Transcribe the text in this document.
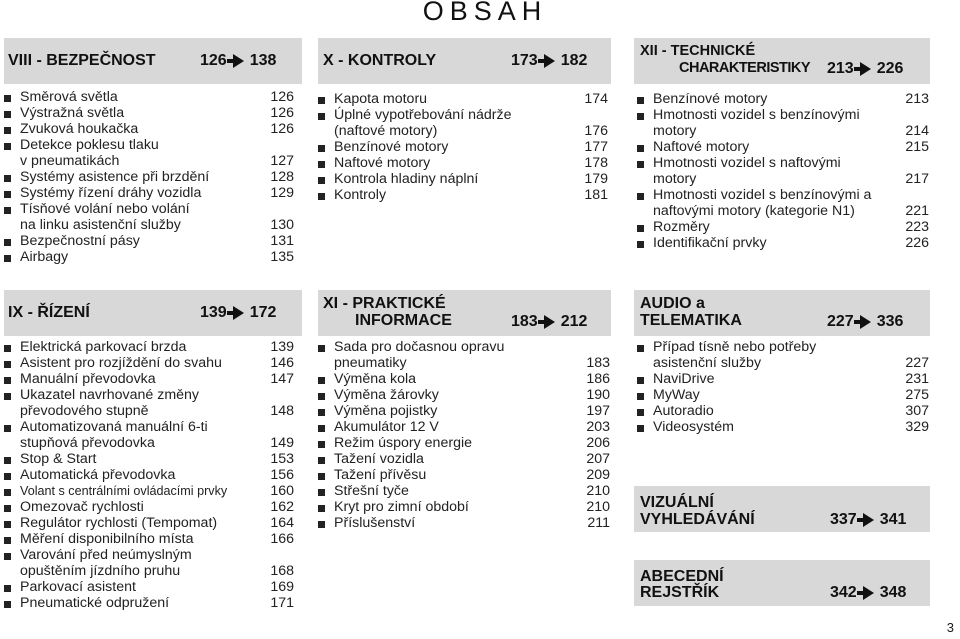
OBSAH
VIII - BEZPEČNOST	126 138
Směrová světla	126
Výstražná světla	126
Zvuková houkačka	126
Detekce poklesu tlaku
v pneumatikách	127
Systémy asistence při brzdění	128
Systémy řízení dráhy vozidla	129
Tísňové volání nebo volání
na linku asistenční služby	130
Bezpečnostní pásy	131
Airbagy	135
X - KONTROLY	173 182
Kapota motoru	174
Úplné vypotřebování nádrže
(naftové motory)	176
Benzínové motory	177
Naftové motory	178
Kontrola hladiny náplní	179
Kontroly	181
XII - TECHNICKÉ
CHARAKTERISTIKY 213 226
Benzínové motory	213
Hmotnosti vozidel s benzínovými
motory	214
Naftové motory	215
Hmotnosti vozidel s naftovými
motory	217
Hmotnosti vozidel s benzínovými a
naftovými motory (kategorie N1)	221
Rozměry	223
Identifikační prvky	226
IX - ŘÍZENÍ	139 172
Elektrická parkovací brzda	139
Asistent pro rozjíždění do svahu	146
Manuální převodovka	147
Ukazatel navrhované změny
převodového stupně	148
Automatizovaná manuální 6-ti
stupňová převodovka	149
Stop & Start	153
Automatická převodovka	156
Volant s centrálními ovládacími prvky	160
Omezovač rychlosti	162
Regulátor rychlosti (Tempomat)	164
Měření disponibilního místa	166
Varování před neúmyslným
opuštěním jízdního pruhu	168
Parkovací asistent	169
Pneumatické odpružení	171
XI - PRAKTICKÉ
INFORMACE	183 212
Sada pro dočasnou opravu
pneumatiky	183
Výměna kola	186
Výměna žárovky	190
Výměna pojistky	197
Akumulátor 12 V	203
Režim úspory energie	206
Tažení vozidla	207
Tažení přívěsu	209
Střešní tyče	210
Kryt pro zimní období	210
Příslušenství	211
AUDIO a
TELEMATIKA	227 336
Případ tísně nebo potřeby
asistenční služby	227
NaviDrive	231
MyWay	275
Autoradio	307
Videosystém	329
VIZUÁLNÍ
VYHLEDÁVÁNÍ	337 341
ABECEDNÍ
REJSTŘÍK	342 348
3
